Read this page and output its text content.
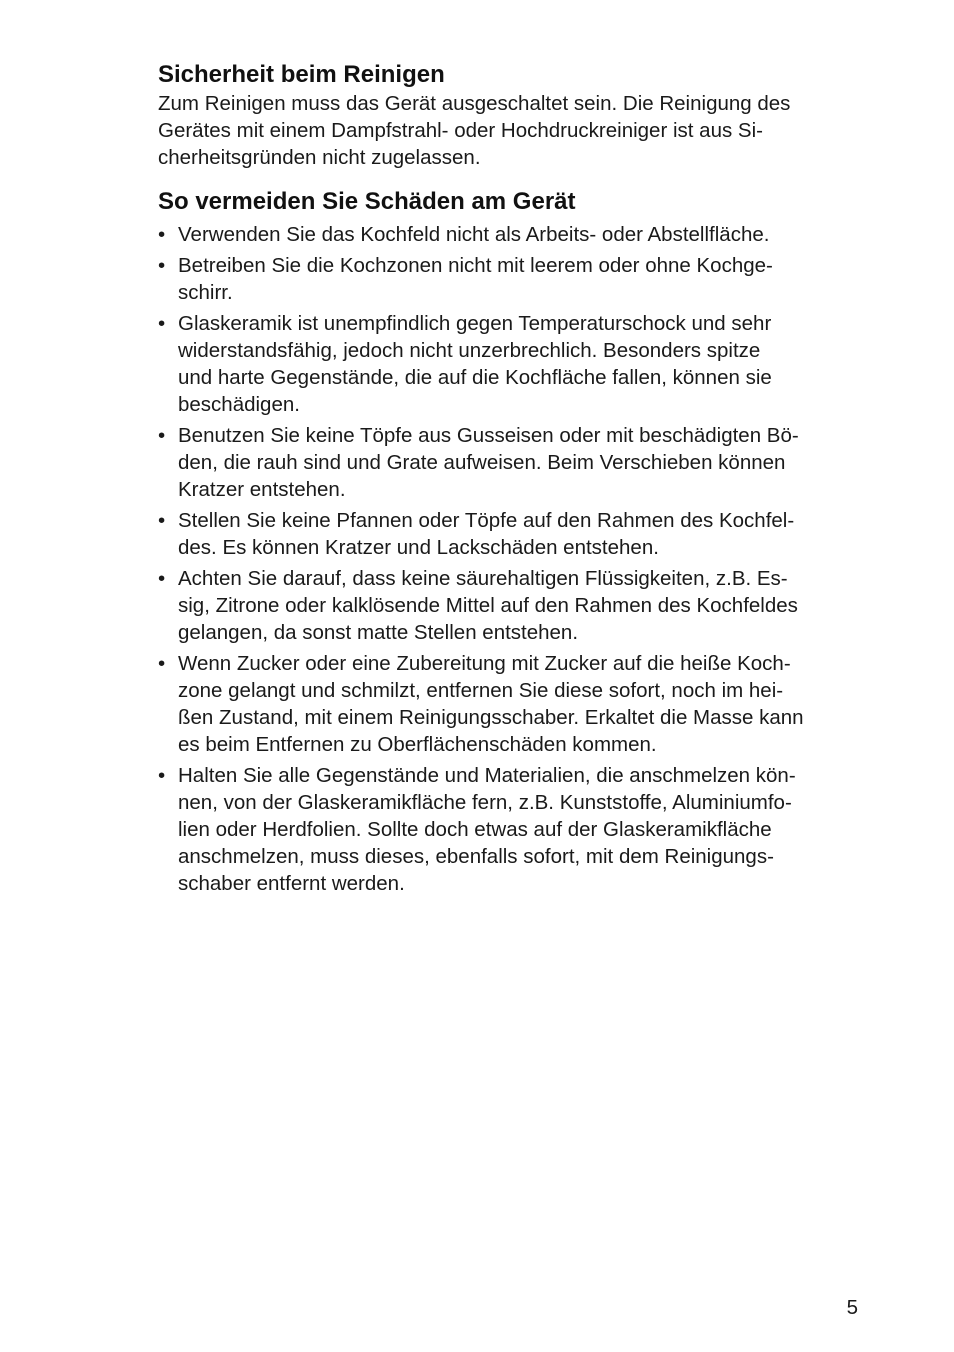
Sicherheit beim Reinigen

Zum Reinigen muss das Gerät ausgeschaltet sein. Die Reinigung des
Gerätes mit einem Dampfstrahl- oder Hochdruckreiniger ist aus Si-
cherheitsgründen nicht zugelassen.

So vermeiden Sie Schäden am Gerät
• Verwenden Sie das Kochfeld nicht als Arbeits- oder Abstellfläche.
• Betreiben Sie die Kochzonen nicht mit leerem oder ohne Kochge-
schirr.
• Glaskeramik ist unempfindlich gegen Temperaturschock und sehr
widerstandsfähig, jedoch nicht unzerbrechlich. Besonders spitze
und harte Gegenstände, die auf die Kochfläche fallen, können sie
beschädigen.
• Benutzen Sie keine Töpfe aus Gusseisen oder mit beschädigten Bö-
den, die rauh sind und Grate aufweisen. Beim Verschieben können
Kratzer entstehen.
• Stellen Sie keine Pfannen oder Töpfe auf den Rahmen des Kochfel-
des. Es können Kratzer und Lackschäden entstehen.
• Achten Sie darauf, dass keine säurehaltigen Flüssigkeiten, z.B. Es-
sig, Zitrone oder kalklösende Mittel auf den Rahmen des Kochfeldes
gelangen, da sonst matte Stellen entstehen.
• Wenn Zucker oder eine Zubereitung mit Zucker auf die heiße Koch-
zone gelangt und schmilzt, entfernen Sie diese sofort, noch im hei-
ßen Zustand, mit einem Reinigungsschaber. Erkaltet die Masse kann
es beim Entfernen zu Oberflächenschäden kommen.
• Halten Sie alle Gegenstände und Materialien, die anschmelzen kön-
nen, von der Glaskeramikfläche fern, z.B. Kunststoffe, Aluminiumfo-
lien oder Herdfolien. Sollte doch etwas auf der Glaskeramikfläche
anschmelzen, muss dieses, ebenfalls sofort, mit dem Reinigungs-
schaber entfernt werden.
5
